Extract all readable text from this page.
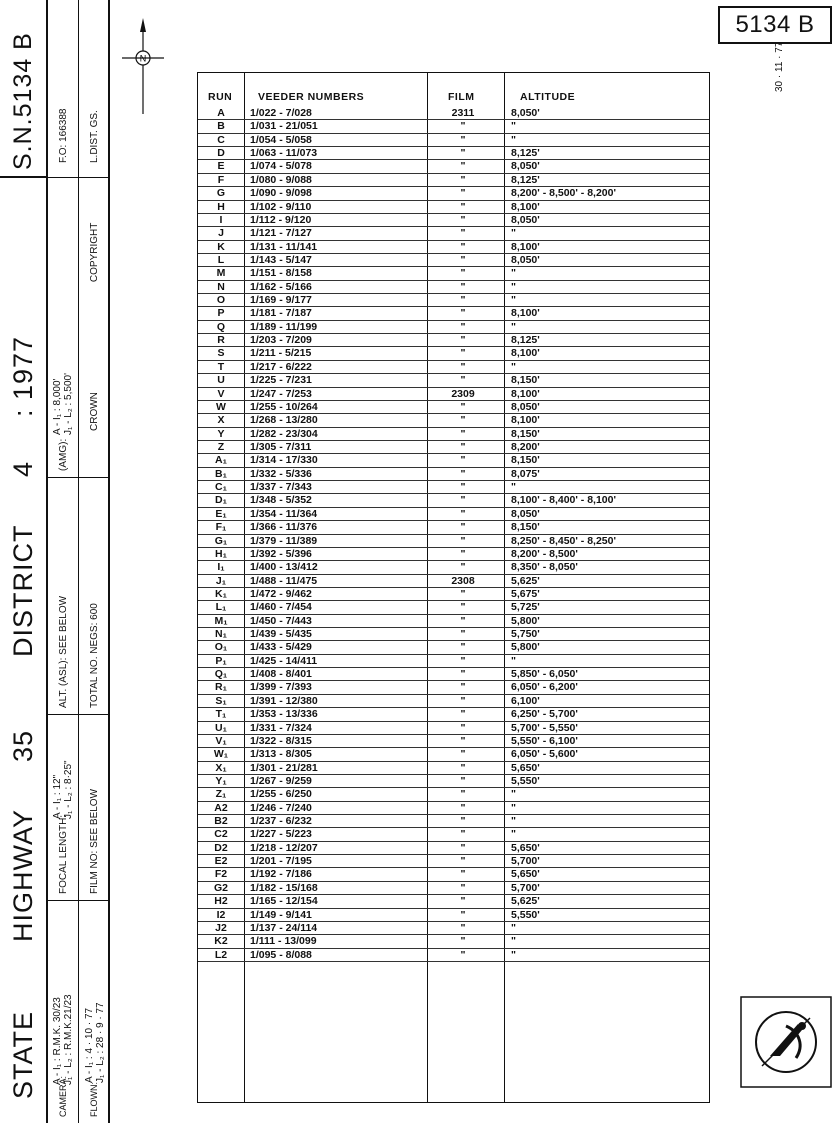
STATE
HIGHWAY
35
DISTRICT
4
: 1977
S.N.5134 B
CAMERA:
A - I₁ : R.M.K. 30/23 J₁ - L₂ : R.M.K.21/23
FOCAL LENGTH:
A - I₁ : 12" J₁ - L₂ : 8·25"
ALT. (ASL): SEE BELOW
(AMG):
A - I₁ : 8,000' J₁ - L₂ : 5,500'
F.O: 166388
FLOWN:
A - I₁ : 4 · 10 · 77 J₁ - L₂ : 28 · 9 · 77
FILM NO: SEE BELOW
TOTAL NO. NEGS: 600
CROWN
COPYRIGHT
L.DIST. GS.
N
5134 B
30 · 11 · 77
RUN VEEDER NUMBERS	FILM	ALTITUDE
A	1/022 - 7/028	2311	8,050'
B	1/031 - 21/051	"	"
C	1/054 - 5/058	"	"
D	1/063 - 11/073	"	8,125'
E	1/074 - 5/078	"	8,050'
F	1/080 - 9/088	"	8,125'
G	1/090 - 9/098	"	8,200' - 8,500' - 8,200'
H	1/102 - 9/110	"	8,100'
I	1/112 - 9/120	"	8,050'
J	1/121 - 7/127	"	"
K	1/131 - 11/141	"	8,100'
L	1/143 - 5/147	"	8,050'
M	1/151 - 8/158	"	"
N	1/162 - 5/166	"	"
O	1/169 - 9/177	"	"
P	1/181 - 7/187	"	8,100'
Q	1/189 - 11/199	"	"
R	1/203 - 7/209	"	8,125'
S	1/211 - 5/215	"	8,100'
T	1/217 - 6/222	"	"
U	1/225 - 7/231	"	8,150'
V	1/247 - 7/253	2309	8,100'
W	1/255 - 10/264	"	8,050'
X	1/268 - 13/280	"	8,100'
Y	1/282 - 23/304	"	8,150'
Z	1/305 - 7/311	"	8,200'
A₁	1/314 - 17/330	"	8,150'
B₁	1/332 - 5/336	"	8,075'
C₁	1/337 - 7/343	"	"
D₁	1/348 - 5/352	"	8,100' - 8,400' - 8,100'
E₁	1/354 - 11/364	"	8,050'
F₁	1/366 - 11/376	"	8,150'
G₁	1/379 - 11/389	"	8,250' - 8,450' - 8,250'
H₁	1/392 - 5/396	"	8,200' - 8,500'
I₁	1/400 - 13/412	"	8,350' - 8,050'
J₁	1/488 - 11/475	2308	5,625'
K₁	1/472 - 9/462	"	5,675'
L₁	1/460 - 7/454	"	5,725'
M₁	1/450 - 7/443	"	5,800'
N₁	1/439 - 5/435	"	5,750'
O₁	1/433 - 5/429	"	5,800'
P₁	1/425 - 14/411	"	"
Q₁	1/408 - 8/401	"	5,850' - 6,050'
R₁	1/399 - 7/393	"	6,050' - 6,200'
S₁	1/391 - 12/380	"	6,100'
T₁	1/353 - 13/336	"	6,250' - 5,700'
U₁	1/331 - 7/324	"	5,700' - 5,550'
V₁	1/322 - 8/315	"	5,550' - 6,100'
W₁	1/313 - 8/305	"	6,050' - 5,600'
X₁	1/301 - 21/281	"	5,650'
Y₁	1/267 - 9/259	"	5,550'
Z₁	1/255 - 6/250	"	"
A2	1/246 - 7/240	"	"
B2	1/237 - 6/232	"	"
C2	1/227 - 5/223	"	"
D2	1/218 - 12/207	"	5,650'
E2	1/201 - 7/195	"	5,700'
F2	1/192 - 7/186	"	5,650'
G2	1/182 - 15/168	"	5,700'
H2	1/165 - 12/154	"	5,625'
I2	1/149 - 9/141	"	5,550'
J2	1/137 - 24/114	"	"
K2	1/111 - 13/099	"	"
L2	1/095 - 8/088	"	"
